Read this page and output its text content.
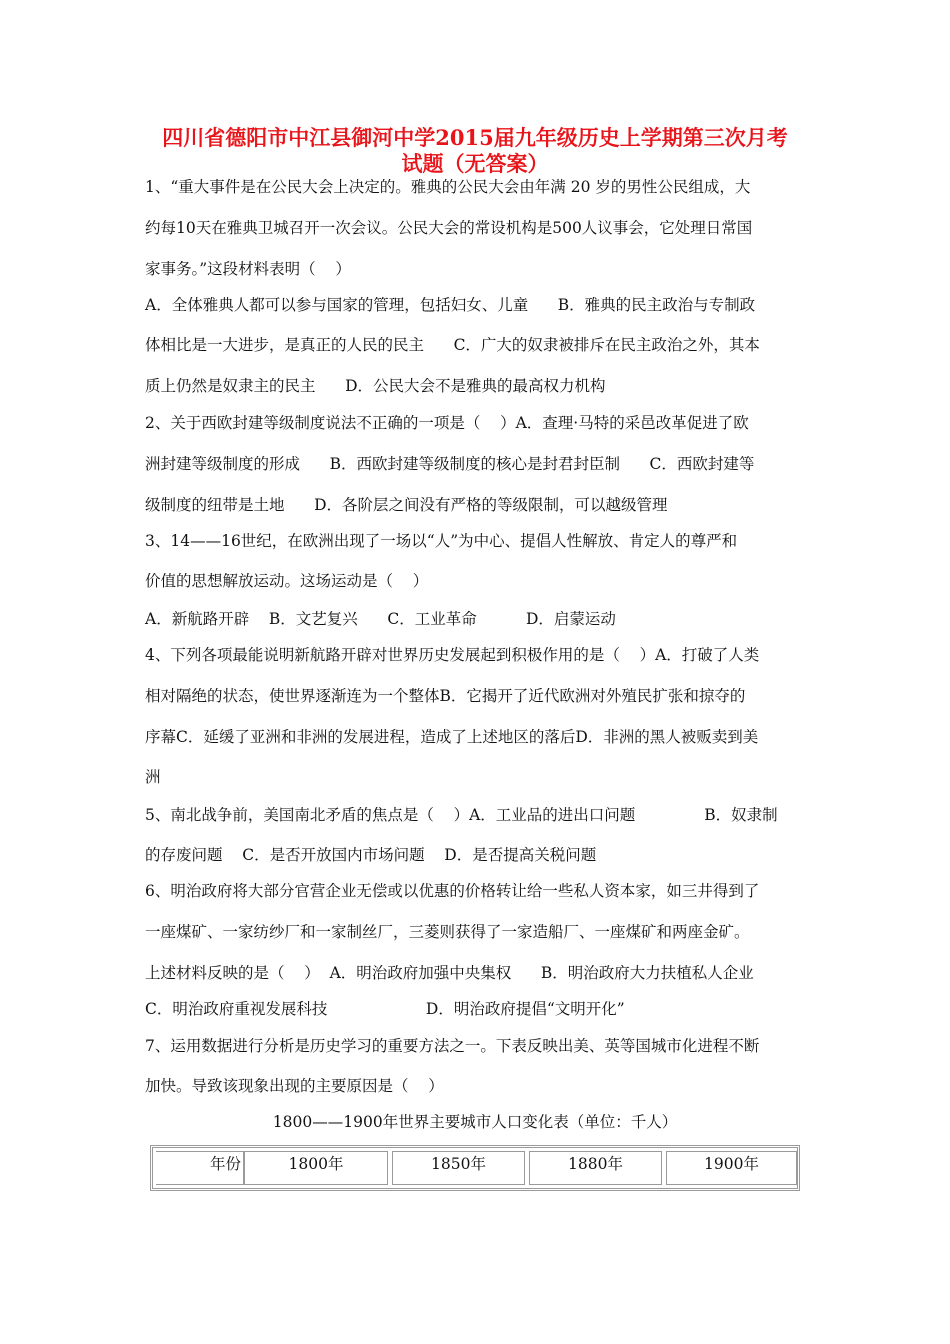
四川省德阳市中江县御河中学2015届九年级历史上学期第三次月考
试题（无答案）
1、“重大事件是在公民大会上决定的。雅典的公民大会由年满 20 岁的男性公民组成，大
约每10天在雅典卫城召开一次会议。公民大会的常设机构是500人议事会，它处理日常国
家事务。”这段材料表明（    ）
A．全体雅典人都可以参与国家的管理，包括妇女、儿童      B．雅典的民主政治与专制政
体相比是一大进步，是真正的人民的民主      C．广大的奴隶被排斥在民主政治之外，其本
质上仍然是奴隶主的民主      D．公民大会不是雅典的最高权力机构
2、关于西欧封建等级制度说法不正确的一项是（    ）A．查理·马特的采邑改革促进了欧
洲封建等级制度的形成      B．西欧封建等级制度的核心是封君封臣制      C．西欧封建等
级制度的纽带是土地      D．各阶层之间没有严格的等级限制，可以越级管理
3、14——16世纪，在欧洲出现了一场以“人”为中心、提倡人性解放、肯定人的尊严和
价值的思想解放运动。这场运动是（    ）
A．新航路开辟    B．文艺复兴      C．工业革命          D．启蒙运动
4、下列各项最能说明新航路开辟对世界历史发展起到积极作用的是（    ）A．打破了人类
相对隔绝的状态，使世界逐渐连为一个整体B．它揭开了近代欧洲对外殖民扩张和掠夺的
序幕C．延缓了亚洲和非洲的发展进程，造成了上述地区的落后D．非洲的黑人被贩卖到美
洲
5、南北战争前，美国南北矛盾的焦点是（    ）A．工业品的进出口问题              B．奴隶制
的存废问题    C．是否开放国内市场问题    D．是否提高关税问题
6、明治政府将大部分官营企业无偿或以优惠的价格转让给一些私人资本家，如三井得到了
一座煤矿、一家纺纱厂和一家制丝厂，三菱则获得了一家造船厂、一座煤矿和两座金矿。
上述材料反映的是（    ）  A．明治政府加强中央集权      B．明治政府大力扶植私人企业
C．明治政府重视发展科技                    D．明治政府提倡“文明开化”
7、运用数据进行分析是历史学习的重要方法之一。下表反映出美、英等国城市化进程不断
加快。导致该现象出现的主要原因是（    ）
1800——1900年世界主要城市人口变化表（单位：千人）
年份	1800年	1850年	1880年	1900年
